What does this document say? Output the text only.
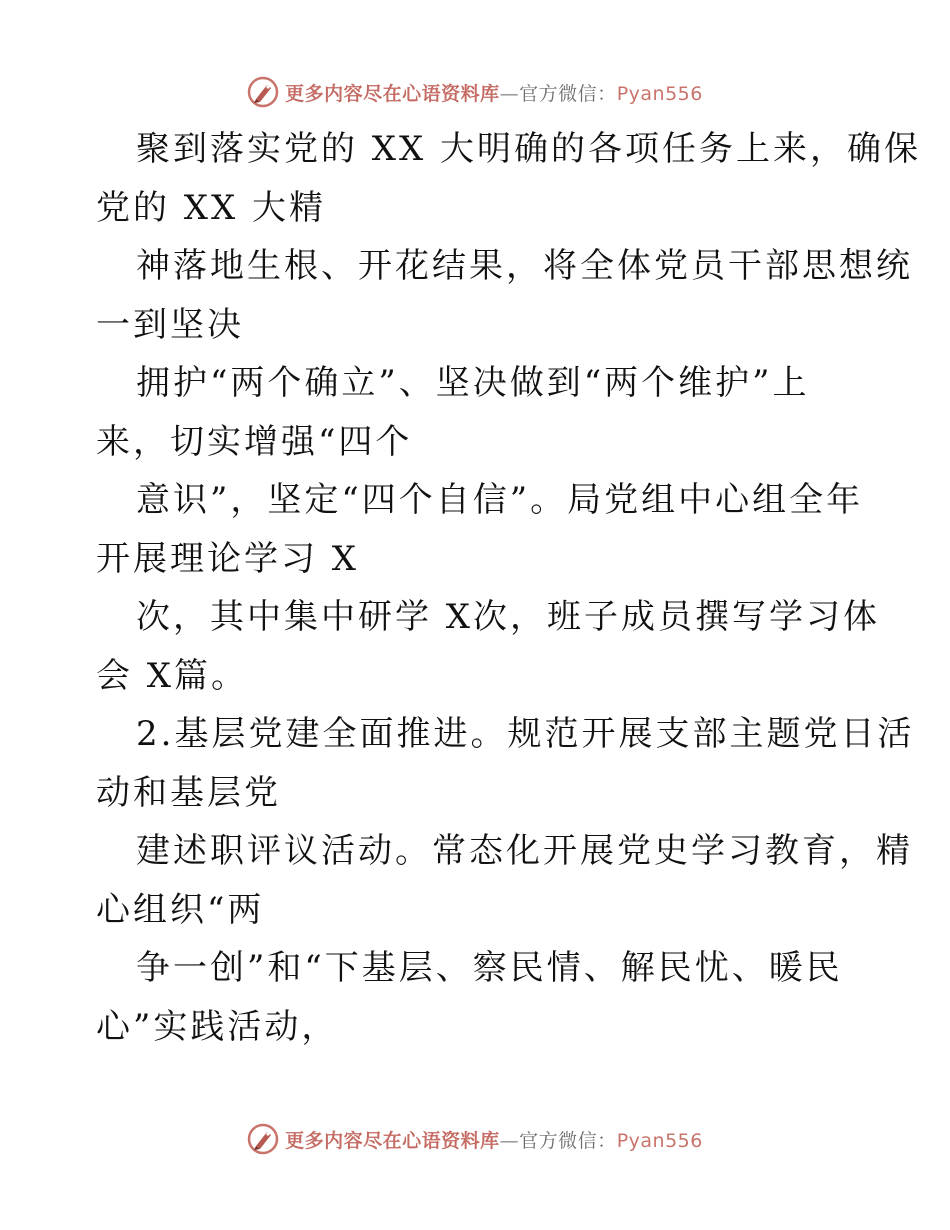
更多内容尽在心语资料库—官方微信：Pyan556
聚到落实党的 XX 大明确的各项任务上来，确保
党的 XX 大精
神落地生根、开花结果，将全体党员干部思想统
一到坚决
拥护“两个确立”、坚决做到“两个维护”上
来，切实增强“四个
意识”，坚定“四个自信”。局党组中心组全年
开展理论学习 X
次，其中集中研学 X次，班子成员撰写学习体
会 X篇。
2.基层党建全面推进。规范开展支部主题党日活
动和基层党
建述职评议活动。常态化开展党史学习教育，精
心组织“两
争一创”和“下基层、察民情、解民忧、暖民
心”实践活动，
更多内容尽在心语资料库—官方微信：Pyan556
